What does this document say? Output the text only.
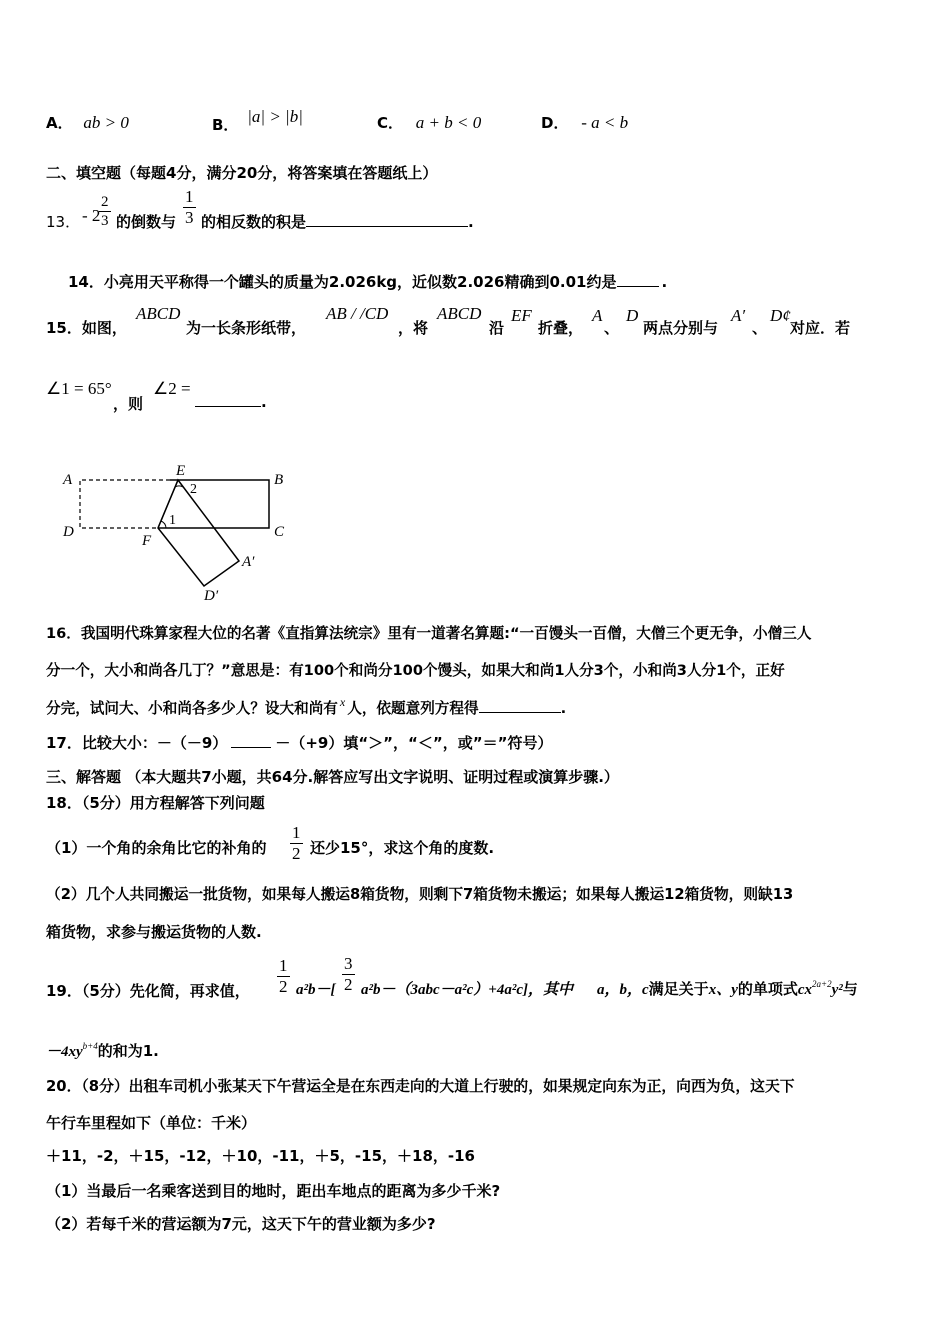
A． ab > 0	B． |a| > |b|	C． a + b < 0	D． - a < b
二、填空题（每题4分，满分20分，将答案填在答题纸上）
13． - 2
$\frac{2}{3}$ 的倒数与 $\frac{1}{3}$ 的相反数的积是	.
14．小亮用天平称得一个罐头的质量为2.026kg，近似数2.026精确到0.01约是	.
15．如图，
ABCD
为一长条形纸带，
AB / /CD
，将
ABCD
沿
EF
折叠，
A
、
D
两点分别与
A′
、
D¢
对应．若
∠1 = 65°
，则
∠2 =
.
A
E
B
D
F
C
A′
D′
1
2
16．我国明代珠算家程大位的名著《直指算法统宗》里有一道著名算题:“一百馒头一百僧，大僧三个更无争，小僧三人
分一个，大小和尚各几丁？”意思是：有100个和尚分100个馒头，如果大和尚1人分3个，小和尚3人分1个，正好
分完，试问大、小和尚各多少人？设大和尚有 $^x$ 人，依题意列方程得	.
17．比较大小：－（－9）	－（+9）填“＞”，“＜”，或”＝”符号）
三、解答题 （本大题共7小题，共64分.解答应写出文字说明、证明过程或演算步骤.）
18．（5分）用方程解答下列问题
（1）一个角的余角比它的补角的 $\frac{1}{2}$ 还少15°，求这个角的度数.
（2）几个人共同搬运一批货物，如果每人搬运8箱货物，则剩下7箱货物未搬运；如果每人搬运12箱货物，则缺13
箱货物，求参与搬运货物的人数.
19．（5分）先化简，再求值， $\frac{1}{2} a^2b-[ \frac{3}{2} a^2b-(3abc-a^2c)+4a^2c]$，其中 a，b，c满足关于x、y的单项式$cx^{2a+2}y^2$与
$-4xy^{b+4}$的和为1.
20．（8分）出租车司机小张某天下午营运全是在东西走向的大道上行驶的，如果规定向东为正，向西为负，这天下
午行车里程如下（单位：千米）
＋11，-2，＋15，-12，＋10，-11，＋5，-15，＋18，-16
（1）当最后一名乘客送到目的地时，距出车地点的距离为多少千米?
（2）若每千米的营运额为7元，这天下午的营业额为多少?
